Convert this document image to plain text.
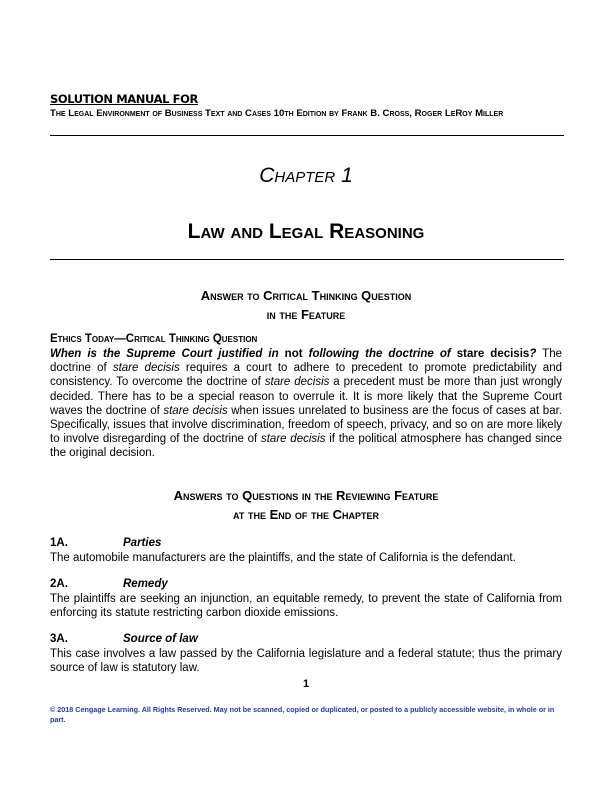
SOLUTION MANUAL FOR
The Legal Environment of Business Text and Cases 10th Edition by Frank B. Cross, Roger LeRoy Miller
Chapter 1
Law and Legal Reasoning
Answer to Critical Thinking Question
in the Feature
Ethics Today—Critical Thinking Question
When is the Supreme Court justified in not following the doctrine of stare decisis? The doctrine of stare decisis requires a court to adhere to precedent to promote predictability and consistency. To overcome the doctrine of stare decisis a precedent must be more than just wrongly decided. There has to be a special reason to overrule it. It is more likely that the Supreme Court waves the doctrine of stare decisis when issues unrelated to business are the focus of cases at bar. Specifically, issues that involve discrimination, freedom of speech, privacy, and so on are more likely to involve disregarding of the doctrine of stare decisis if the political atmosphere has changed since the original decision.
Answers to Questions in the Reviewing Feature
at the End of the Chapter
1A.	Parties
The automobile manufacturers are the plaintiffs, and the state of California is the defendant.
2A.	Remedy
The plaintiffs are seeking an injunction, an equitable remedy, to prevent the state of California from enforcing its statute restricting carbon dioxide emissions.
3A.	Source of law
This case involves a law passed by the California legislature and a federal statute; thus the primary source of law is statutory law.
1
© 2018 Cengage Learning. All Rights Reserved. May not be scanned, copied or duplicated, or posted to a publicly accessible website, in whole or in part.
